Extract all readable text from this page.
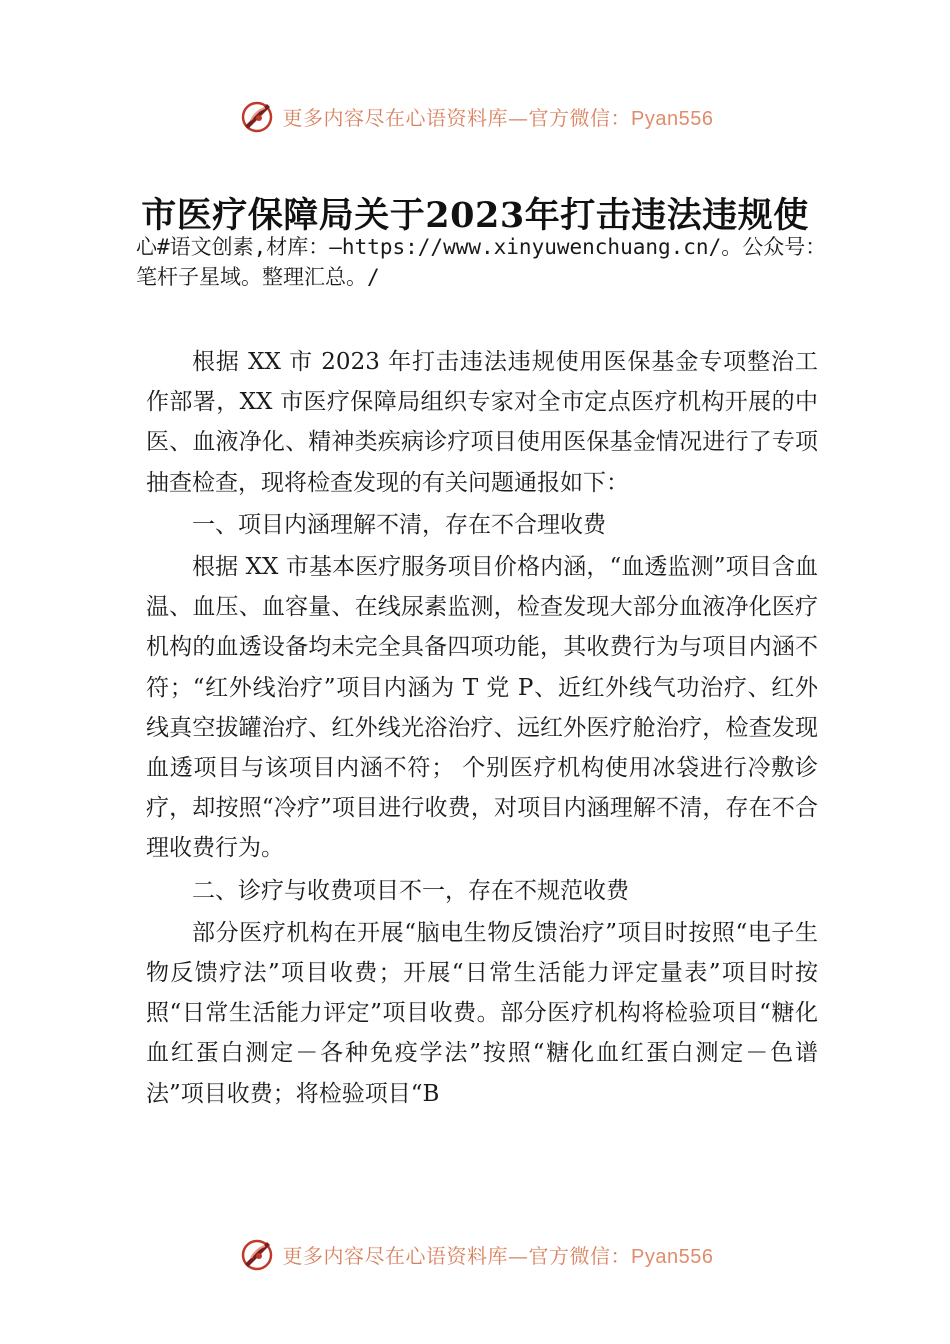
更多内容尽在心语资料库—官方微信：Pyan556
市医疗保障局关于2023年打击违法违规使
心#语文创素,材库：—https://www.xinyuwenchuang.cn/。公众号：笔杆子星域。整理汇总。/

根据 XX 市 2023 年打击违法违规使用医保基金专项整治工作部署，XX 市医疗保障局组织专家对全市定点医疗机构开展的中医、血液净化、精神类疾病诊疗项目使用医保基金情况进行了专项抽查检查，现将检查发现的有关问题通报如下：

一、项目内涵理解不清，存在不合理收费

根据 XX 市基本医疗服务项目价格内涵，“血透监测”项目含血温、血压、血容量、在线尿素监测，检查发现大部分血液净化医疗机构的血透设备均未完全具备四项功能，其收费行为与项目内涵不符；“红外线治疗”项目内涵为 T 党 P、近红外线气功治疗、红外线真空拔罐治疗、红外线光浴治疗、远红外医疗舱治疗，检查发现血透项目与该项目内涵不符； 个别医疗机构使用冰袋进行冷敷诊疗，却按照“冷疗”项目进行收费，对项目内涵理解不清，存在不合理收费行为。

二、诊疗与收费项目不一，存在不规范收费

部分医疗机构在开展“脑电生物反馈治疗”项目时按照“电子生物反馈疗法”项目收费；开展“日常生活能力评定量表”项目时按照“日常生活能力评定”项目收费。部分医疗机构将检验项目“糖化血红蛋白测定－各种免疫学法”按照“糖化血红蛋白测定－色谱法”项目收费；将检验项目“B

更多内容尽在心语资料库—官方微信：Pyan556
